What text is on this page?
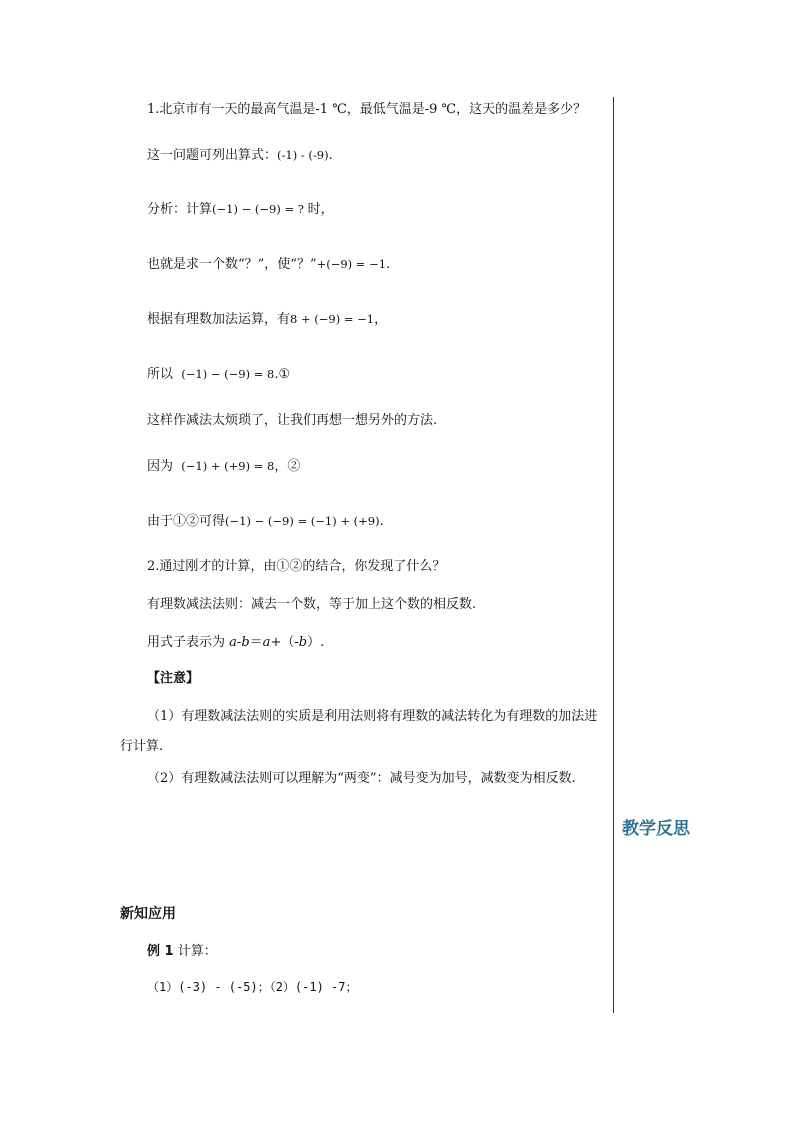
1.北京市有一天的最高气温是-1 ℃，最低气温是-9 ℃，这天的温差是多少？
这一问题可列出算式：(-1) - (-9).
分析：计算(−1) − (−9) = ? 时，
也就是求一个数“？”，使“？”+(−9) = −1.
根据有理数加法运算，有8 + (−9) = −1，
所以 (−1) − (−9) = 8.①
这样作减法太烦琐了，让我们再想一想另外的方法.
因为 (−1) + (+9) = 8，②
由于①②可得(−1) − (−9) = (−1) + (+9).
2.通过刚才的计算，由①②的结合，你发现了什么？
有理数减法法则：减去一个数，等于加上这个数的相反数.
用式子表示为 a-b＝a+（-b）.
【注意】
（1）有理数减法法则的实质是利用法则将有理数的减法转化为有理数的加法进行计算.
（2）有理数减法法则可以理解为“两变”：减号变为加号，减数变为相反数.
教学反思
新知应用
例 1 计算：
（1）(-3) - (-5)；（2）(-1) -7；
